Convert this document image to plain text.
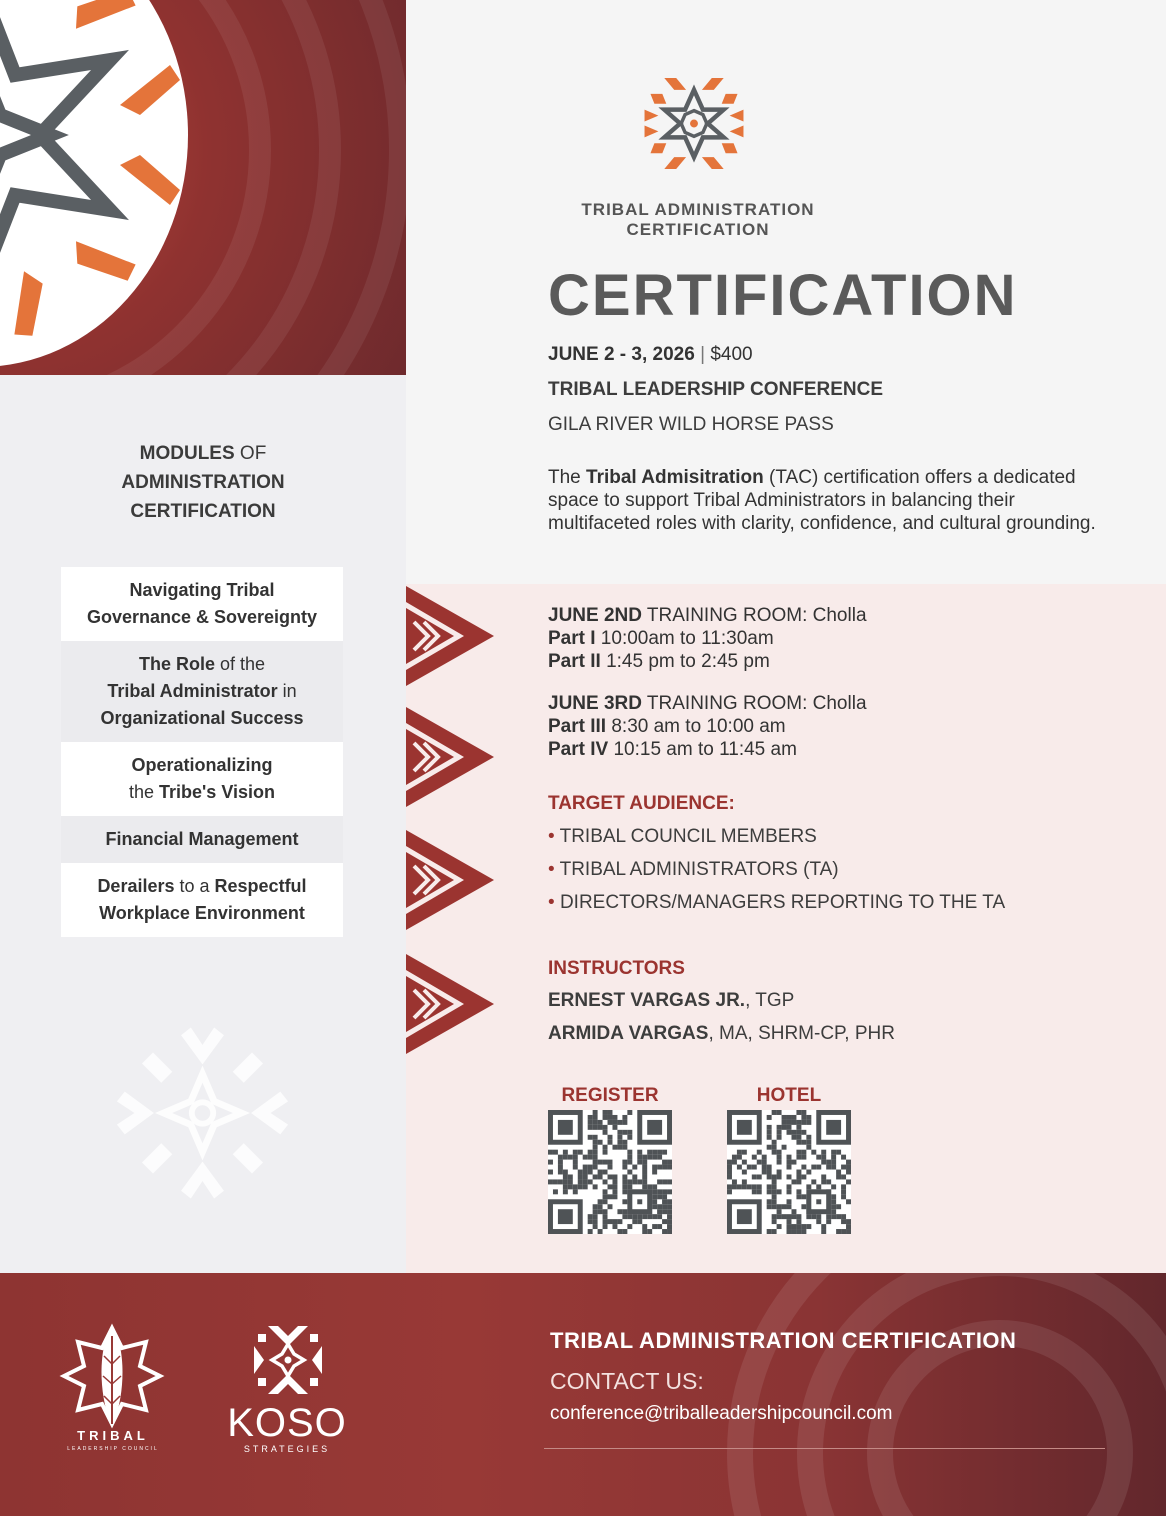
MODULES OF
ADMINISTRATION
CERTIFICATION
Navigating Tribal
Governance & Sovereignty
The Role of the
Tribal Administrator in
Organizational Success
Operationalizing
the Tribe's Vision
Financial Management
Derailers to a Respectful
Workplace Environment
TRIBAL ADMINISTRATION
CERTIFICATION
CERTIFICATION
JUNE 2 - 3, 2026 | $400
TRIBAL LEADERSHIP CONFERENCE
GILA RIVER WILD HORSE PASS
The Tribal Admisitration (TAC) certification offers a dedicated space to support Tribal Administrators in balancing their multifaceted roles with clarity, confidence, and cultural grounding.
JUNE 2ND TRAINING ROOM: Cholla
Part I 10:00am to 11:30am
Part II 1:45 pm to 2:45 pm
JUNE 3RD TRAINING ROOM: Cholla
Part III 8:30 am to 10:00 am
Part IV 10:15 am to 11:45 am
TARGET AUDIENCE:
• TRIBAL COUNCIL MEMBERS
• TRIBAL ADMINISTRATORS (TA)
• DIRECTORS/MANAGERS REPORTING TO THE TA
INSTRUCTORS
ERNEST VARGAS JR., TGP
ARMIDA VARGAS, MA, SHRM-CP, PHR
REGISTER	HOTEL
TRIBAL
LEADERSHIP COUNCIL
KOSO
STRATEGIES
TRIBAL ADMINISTRATION CERTIFICATION
CONTACT US:
conference@triballeadershipcouncil.com
